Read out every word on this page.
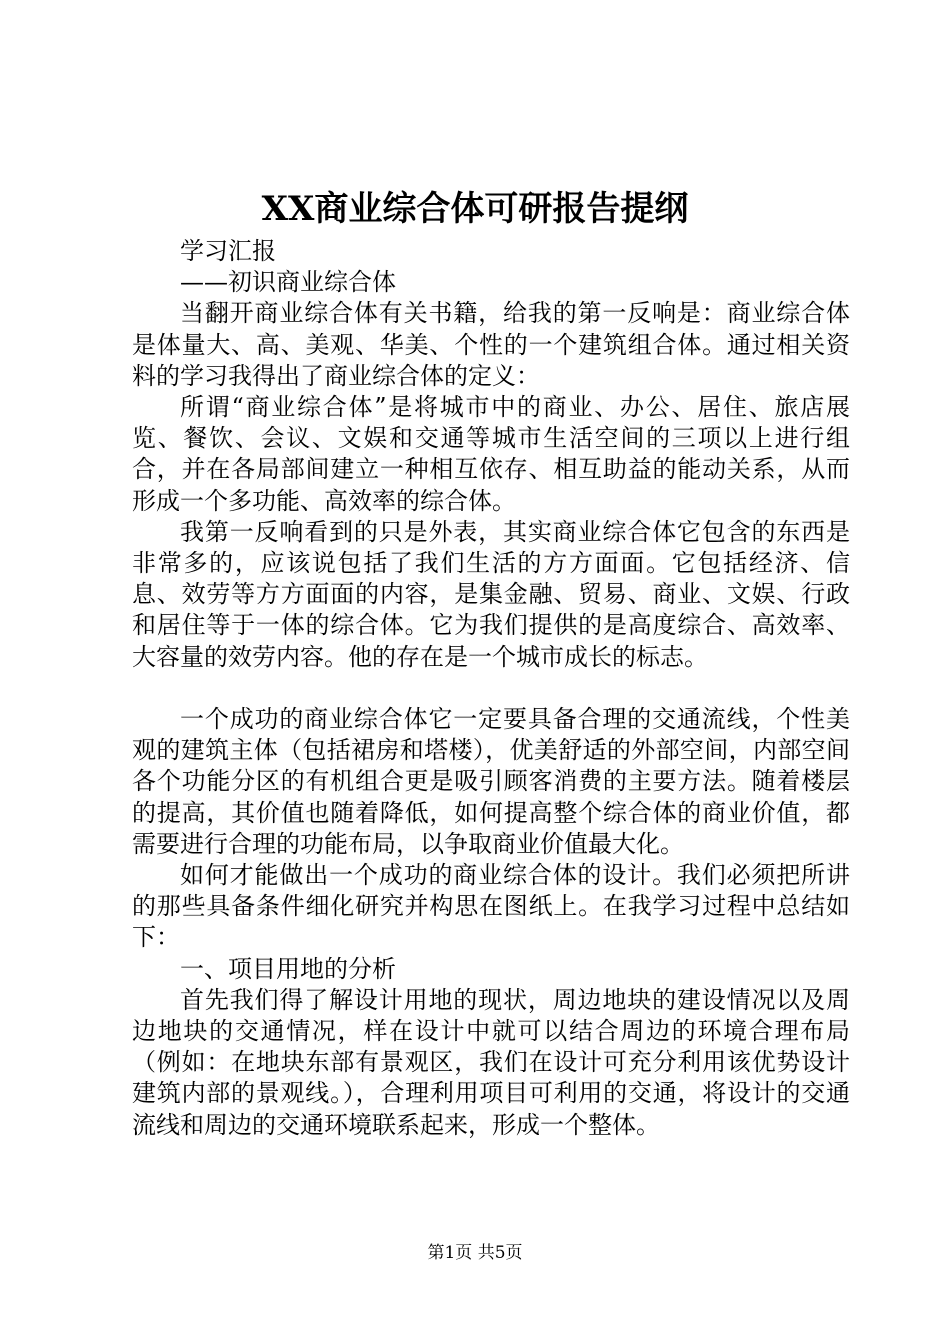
XX商业综合体可研报告提纲

学习汇报

——初识商业综合体

当翻开商业综合体有关书籍，给我的第一反响是：商业综合体是体量大、高、美观、华美、个性的一个建筑组合体。通过相关资料的学习我得出了商业综合体的定义：

所谓“商业综合体”是将城市中的商业、办公、居住、旅店展览、餐饮、会议、文娱和交通等城市生活空间的三项以上进行组合，并在各局部间建立一种相互依存、相互助益的能动关系，从而形成一个多功能、高效率的综合体。

我第一反响看到的只是外表，其实商业综合体它包含的东西是非常多的，应该说包括了我们生活的方方面面。它包括经济、信息、效劳等方方面面的内容，是集金融、贸易、商业、文娱、行政和居住等于一体的综合体。它为我们提供的是高度综合、高效率、大容量的效劳内容。他的存在是一个城市成长的标志。

一个成功的商业综合体它一定要具备合理的交通流线，个性美观的建筑主体（包括裙房和塔楼），优美舒适的外部空间，内部空间各个功能分区的有机组合更是吸引顾客消费的主要方法。随着楼层的提高，其价值也随着降低，如何提高整个综合体的商业价值，都需要进行合理的功能布局，以争取商业价值最大化。

如何才能做出一个成功的商业综合体的设计。我们必须把所讲的那些具备条件细化研究并构思在图纸上。在我学习过程中总结如下：

一、项目用地的分析

首先我们得了解设计用地的现状，周边地块的建设情况以及周边地块的交通情况，样在设计中就可以结合周边的环境合理布局（例如：在地块东部有景观区，我们在设计可充分利用该优势设计建筑内部的景观线。），合理利用项目可利用的交通，将设计的交通流线和周边的交通环境联系起来，形成一个整体。

第1页 共5页
